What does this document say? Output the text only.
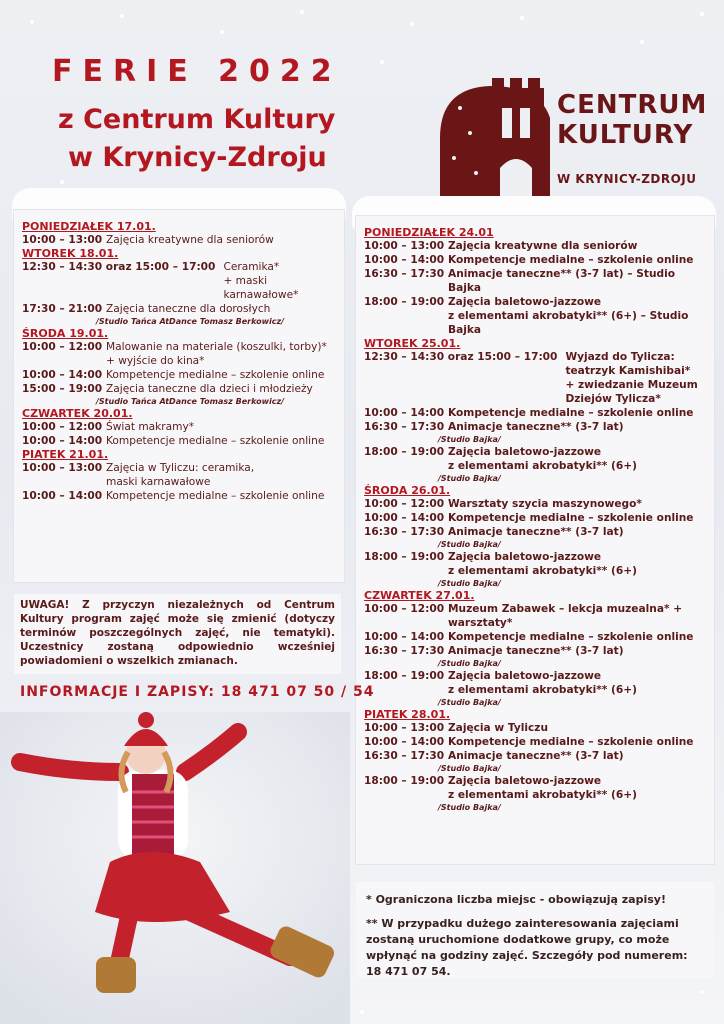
FERIE 2022
z Centrum Kultury
w Krynicy-Zdroju
CENTRUM
KULTURY
W KRYNICY-ZDROJU
PONIEDZIAŁEK 17.01.
10:00 – 13:00 Zajęcia kreatywne dla seniorów
WTOREK 18.01.
12:30 – 14:30 oraz 15:00 – 17:00 Ceramika*
+ maski karnawałowe*
17:30 – 21:00 Zajęcia taneczne dla dorosłych
/Studio Tańca AtDance Tomasz Berkowicz/
ŚRODA 19.01.
10:00 – 12:00 Malowanie na materiale (koszulki, torby)*
+ wyjście do kina*
10:00 – 14:00 Kompetencje medialne – szkolenie online
15:00 – 19:00 Zajęcia taneczne dla dzieci i młodzieży
/Studio Tańca AtDance Tomasz Berkowicz/
CZWARTEK 20.01.
10:00 – 12:00 Świat makramy*
10:00 – 14:00 Kompetencje medialne – szkolenie online
PIATEK 21.01.
10:00 – 13:00 Zajęcia w Tyliczu: ceramika,
maski karnawałowe
10:00 – 14:00 Kompetencje medialne – szkolenie online
PONIEDZIAŁEK 24.01
10:00 – 13:00 Zajęcia kreatywne dla seniorów
10:00 – 14:00 Kompetencje medialne – szkolenie online
16:30 – 17:30 Animacje taneczne** (3-7 lat) – Studio Bajka
18:00 – 19:00 Zajęcia baletowo-jazzowe
z elementami akrobatyki** (6+) – Studio Bajka
WTOREK 25.01.
12:30 – 14:30 oraz 15:00 – 17:00 Wyjazd do Tylicza:
teatrzyk Kamishibai*
+ zwiedzanie Muzeum Dziejów Tylicza*
10:00 – 14:00 Kompetencje medialne – szkolenie online
16:30 – 17:30 Animacje taneczne** (3-7 lat)
/Studio Bajka/
18:00 – 19:00 Zajęcia baletowo-jazzowe
z elementami akrobatyki** (6+)
/Studio Bajka/
ŚRODA 26.01.
10:00 – 12:00 Warsztaty szycia maszynowego*
10:00 – 14:00 Kompetencje medialne – szkolenie online
16:30 – 17:30 Animacje taneczne** (3-7 lat)
/Studio Bajka/
18:00 – 19:00 Zajęcia baletowo-jazzowe
z elementami akrobatyki** (6+)
/Studio Bajka/
CZWARTEK 27.01.
10:00 – 12:00 Muzeum Zabawek – lekcja muzealna* + warsztaty*
10:00 – 14:00 Kompetencje medialne – szkolenie online
16:30 – 17:30 Animacje taneczne** (3-7 lat)
/Studio Bajka/
18:00 – 19:00 Zajęcia baletowo-jazzowe
z elementami akrobatyki** (6+)
/Studio Bajka/
PIATEK 28.01.
10:00 – 13:00 Zajęcia w Tyliczu
10:00 – 14:00 Kompetencje medialne – szkolenie online
16:30 – 17:30 Animacje taneczne** (3-7 lat)
/Studio Bajka/
18:00 – 19:00 Zajęcia baletowo-jazzowe
z elementami akrobatyki** (6+)
/Studio Bajka/
UWAGA! Z przyczyn niezależnych od Centrum Kultury program zajęć może się zmienić (dotyczy terminów poszczególnych zajęć, nie tematyki). Uczestnicy zostaną odpowiednio wcześniej powiadomieni o wszelkich zmianach.
INFORMACJE I ZAPISY: 18 471 07 50 / 54

* Ograniczona liczba miejsc - obowiązują zapisy!

** W przypadku dużego zainteresowania zajęciami zostaną uruchomione dodatkowe grupy, co może wpłynąć na godziny zajęć. Szczegóły pod numerem: 18 471 07 54.
